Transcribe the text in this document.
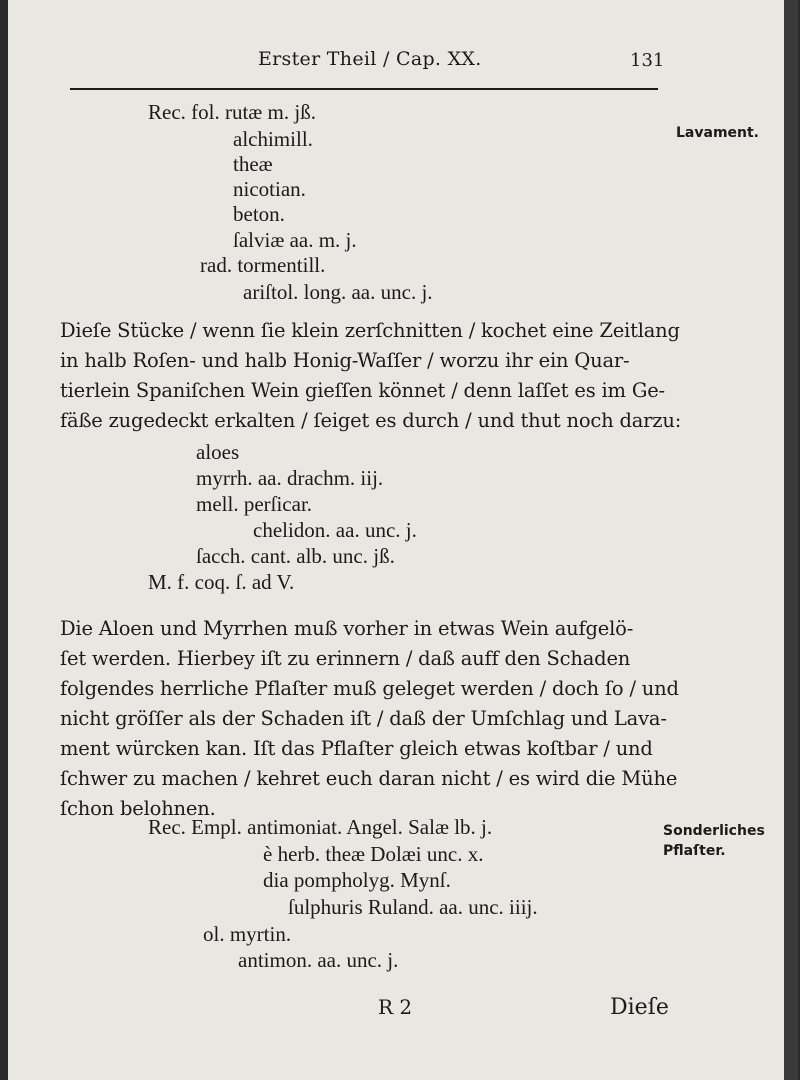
Erster Theil / Cap. XX.	131
Rec. fol. rutæ m. jß.
alchimill.
theæ
nicotian.
beton.
ſalviæ aa. m. j.
rad. tormentill.
ariſtol. long. aa. unc. j.
Dieſe Stücke / wenn ſie klein zerſchnitten / kochet eine Zeitlang
in halb Roſen- und halb Honig-Waſſer / worzu ihr ein Quar-
tierlein Spaniſchen Wein gieſſen könnet / denn laſſet es im Ge-
fäße zugedeckt erkalten / ſeiget es durch / und thut noch darzu:
aloes
myrrh. aa. drachm. iij.
mell. perſicar.
chelidon. aa. unc. j.
ſacch. cant. alb. unc. jß.
M. f. coq. ſ. ad V.
Die Aloen und Myrrhen muß vorher in etwas Wein aufgelö-
ſet werden. Hierbey iſt zu erinnern / daß auff den Schaden
folgendes herrliche Pflaſter muß geleget werden / doch ſo / und
nicht gröſſer als der Schaden iſt / daß der Umſchlag und Lava-
ment würcken kan. Iſt das Pflaſter gleich etwas koſtbar / und
ſchwer zu machen / kehret euch daran nicht / es wird die Mühe
ſchon belohnen.
Rec. Empl. antimoniat. Angel. Salæ lb. j.
è herb. theæ Dolæi unc. x.
dia pompholyg. Mynſ.
ſulphuris Ruland. aa. unc. iiij.
ol. myrtin.
antimon. aa. unc. j.
Lavament.
Sonderliches
Pflaſter.
R 2	Dieſe
